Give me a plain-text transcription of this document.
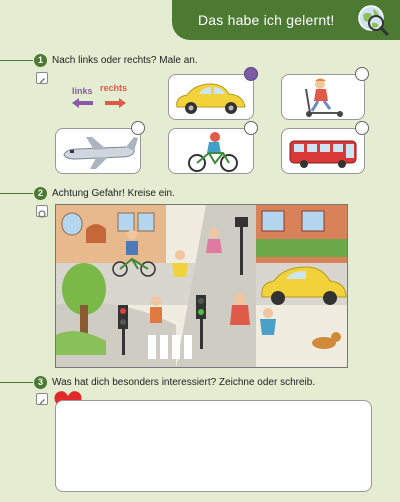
Das habe ich gelernt!
1 Nach links oder rechts? Male an.
links rechts
2 Achtung Gefahr! Kreise ein.
3 Was hat dich besonders interessiert? Zeichne oder schreib.
